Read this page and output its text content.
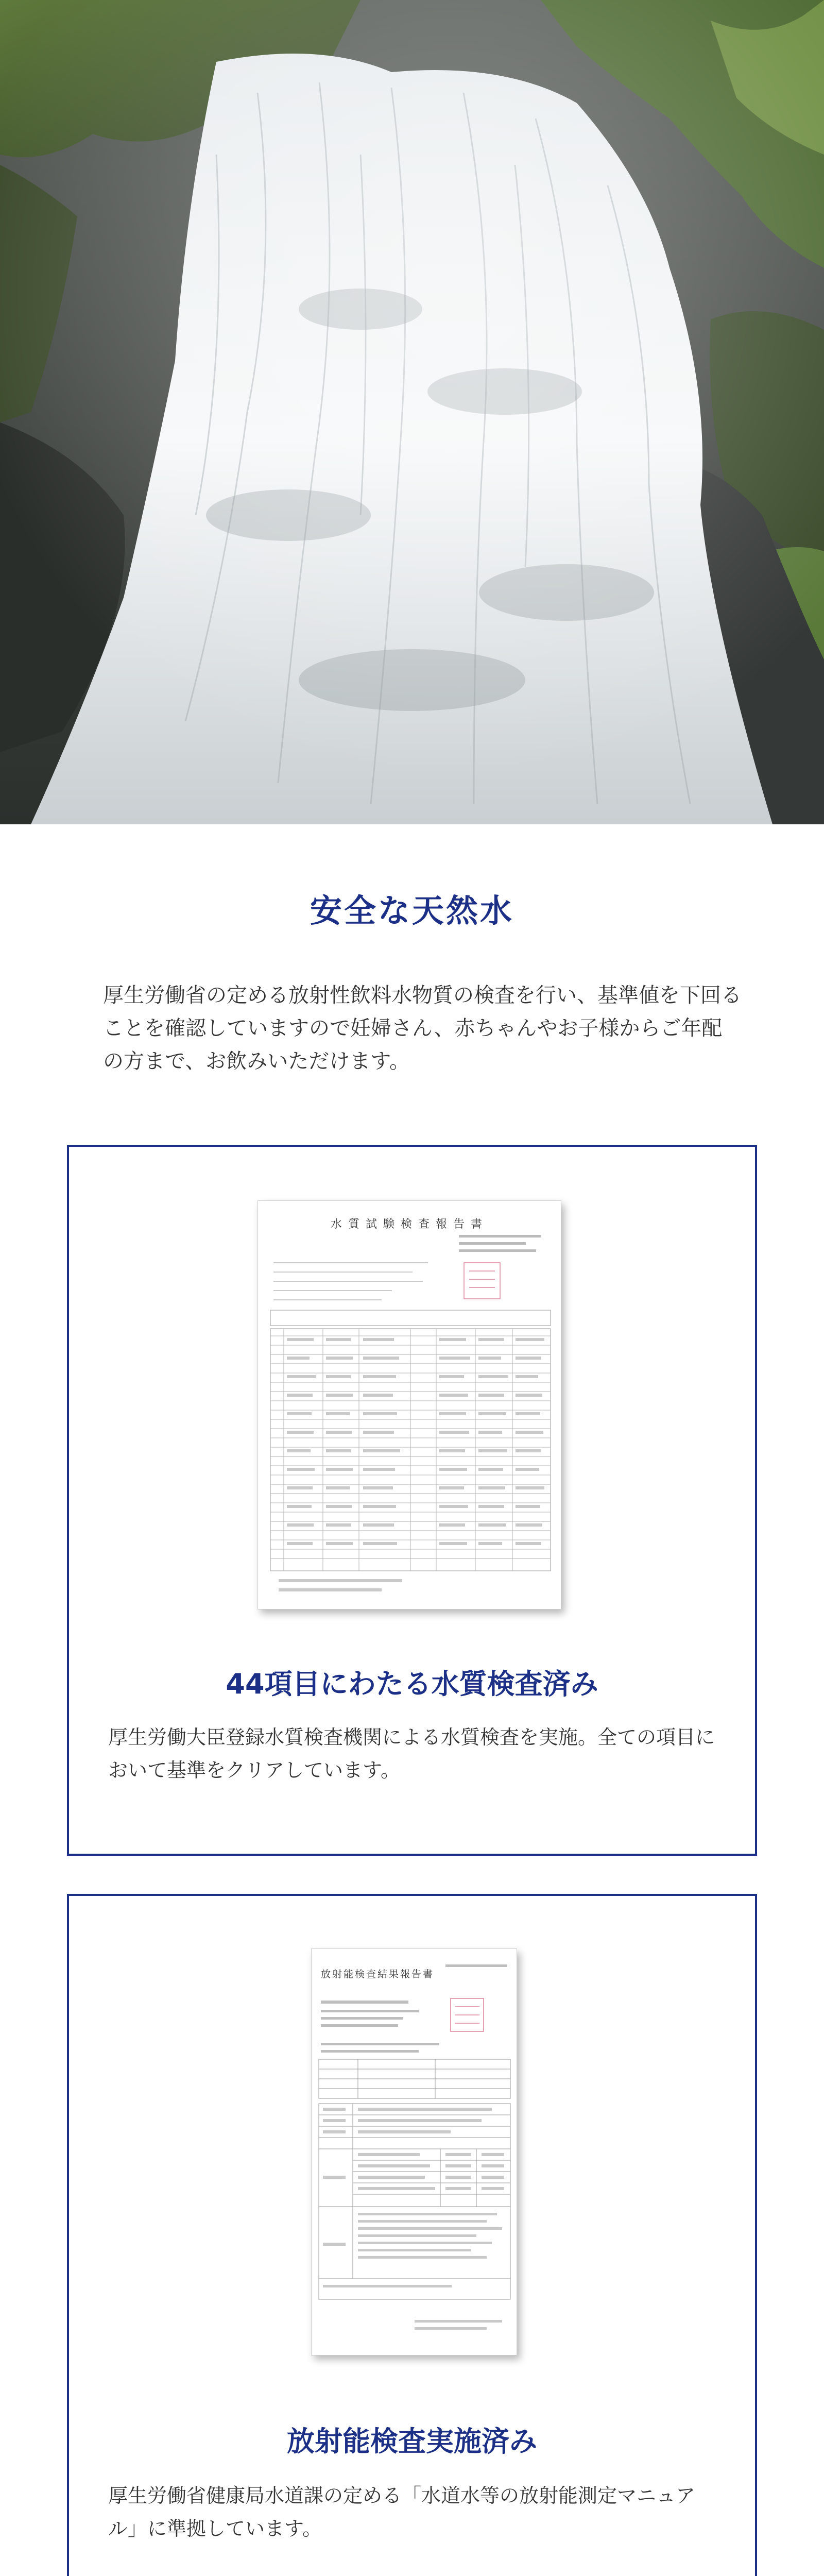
安全な天然水

厚生労働省の定める放射性飲料水物質の検査を行い、基準値を下回ることを確認していますので妊婦さん、赤ちゃんやお子様からご年配の方まで、お飲みいただけます。

水質試験検査報告書
44項目にわたる水質検査済み

厚生労働大臣登録水質検査機関による水質検査を実施。全ての項目において基準をクリアしています。

放射能検査結果報告書
放射能検査実施済み

厚生労働省健康局水道課の定める「水道水等の放射能測定マニュアル」に準拠しています。
